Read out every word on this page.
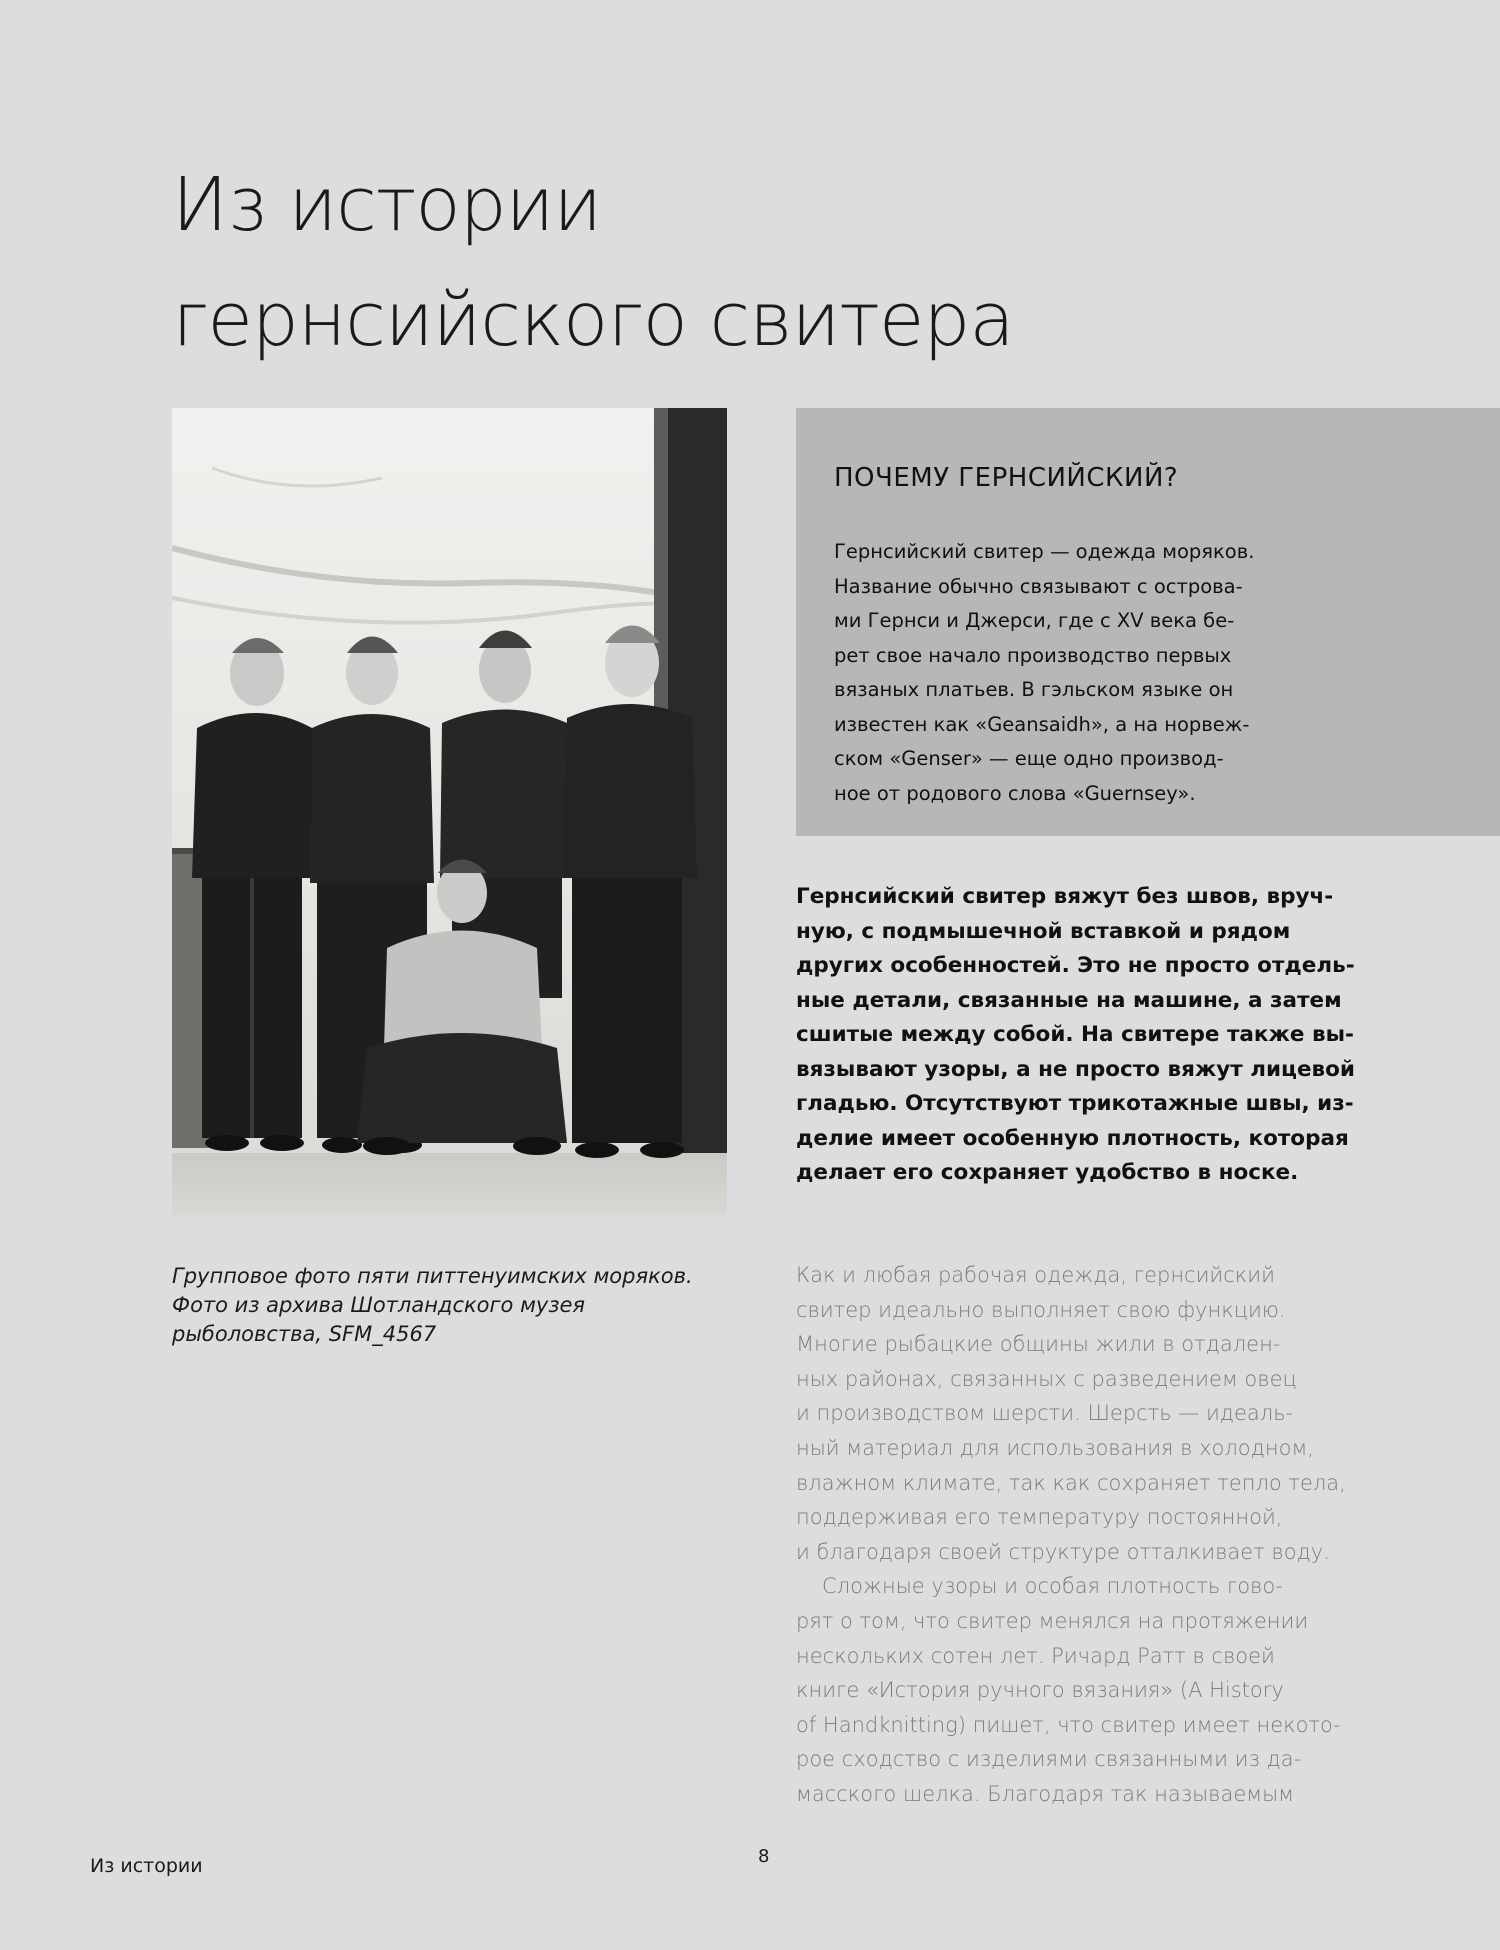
Из истории
гернсийского свитера

Групповое фото пяти питтенуимских моряков.
Фото из архива Шотландского музея
рыболовства, SFM_4567

ПОЧЕМУ ГЕРНСИЙСКИЙ?

Гернсийский свитер — одежда моряков.
Название обычно связывают с острова-
ми Гернси и Джерси, где с XV века бе-
рет свое начало производство первых
вязаных платьев. В гэльском языке он
известен как «Geansaidh», а на норвеж-
ском «Genser» — еще одно производ-
ное от родового слова «Guernsey».

Гернсийский свитер вяжут без швов, вруч-
ную, с подмышечной вставкой и рядом
других особенностей. Это не просто отдель-
ные детали, связанные на машине, а затем
сшитые между собой. На свитере также вы-
вязывают узоры, а не просто вяжут лицевой
гладью. Отсутствуют трикотажные швы, из-
делие имеет особенную плотность, которая
делает его сохраняет удобство в носке.

Как и любая рабочая одежда, гернсийский
свитер идеально выполняет свою функцию.
Многие рыбацкие общины жили в отдален-
ных районах, связанных с разведением овец
и производством шерсти. Шерсть — идеаль-
ный материал для использования в холодном,
влажном климате, так как сохраняет тепло тела,
поддерживая его температуру постоянной,
и благодаря своей структуре отталкивает воду.
Сложные узоры и особая плотность гово-
рят о том, что свитер менялся на протяжении
нескольких сотен лет. Ричард Ратт в своей
книге «История ручного вязания» (A History
of Handknitting) пишет, что свитер имеет некото-
рое сходство с изделиями связанными из да-
масского шелка. Благодаря так называемым

Из истории	8
